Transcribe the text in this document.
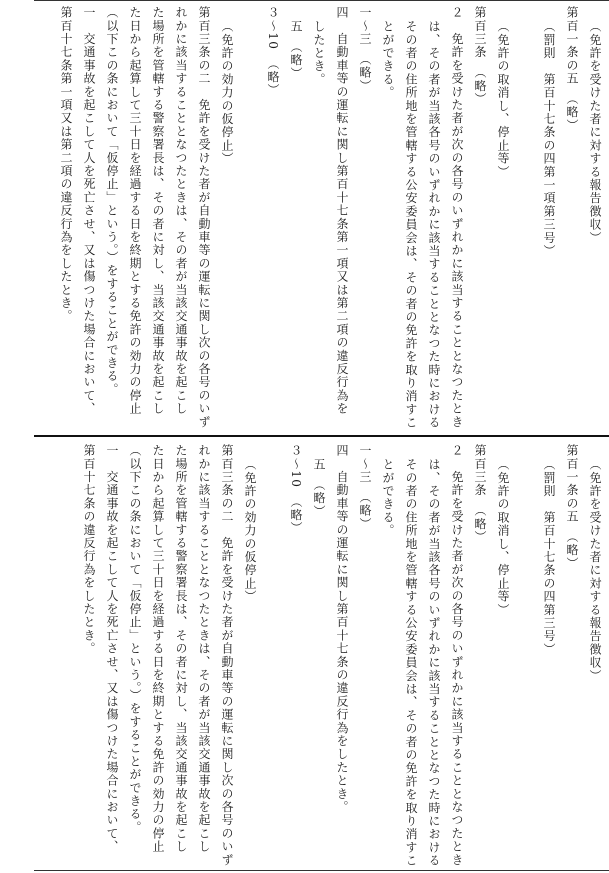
（免許を受けた者に対する報告徴収）
第百一条の五　（略）
（罰則　第百十七条の四第一項第三号）
（免許の取消し、停止等）
第百三条　（略）
２　免許を受けた者が次の各号のいずれかに該当することとなつたとき
は、その者が当該各号のいずれかに該当することとなつた時における
その者の住所地を管轄する公安委員会は、その者の免許を取り消すこ
とができる。
一〜三　（略）
四　自動車等の運転に関し第百十七条第一項又は第二項の違反行為を
したとき。
五　（略）
３〜10　（略）
（免許の効力の仮停止）
第百三条の二　免許を受けた者が自動車等の運転に関し次の各号のいず
れかに該当することとなつたときは、その者が当該交通事故を起こし
た場所を管轄する警察署長は、その者に対し、当該交通事故を起こし
た日から起算して三十日を経過する日を終期とする免許の効力の停止
（以下この条において「仮停止」という。）をすることができる。
一　交通事故を起こして人を死亡させ、又は傷つけた場合において、
第百十七条第一項又は第二項の違反行為をしたとき。
（免許を受けた者に対する報告徴収）
第百一条の五　（略）
（罰則　第百十七条の四第三号）
（免許の取消し、停止等）
第百三条　（略）
２　免許を受けた者が次の各号のいずれかに該当することとなつたとき
は、その者が当該各号のいずれかに該当することとなつた時における
その者の住所地を管轄する公安委員会は、その者の免許を取り消すこ
とができる。
一〜三　（略）
四　自動車等の運転に関し第百十七条の違反行為をしたとき。
五　（略）
３〜10　（略）
（免許の効力の仮停止）
第百三条の二　免許を受けた者が自動車等の運転に関し次の各号のいず
れかに該当することとなつたときは、その者が当該交通事故を起こし
た場所を管轄する警察署長は、その者に対し、当該交通事故を起こし
た日から起算して三十日を経過する日を終期とする免許の効力の停止
（以下この条において「仮停止」という。）をすることができる。
一　交通事故を起こして人を死亡させ、又は傷つけた場合において、
第百十七条の違反行為をしたとき。
